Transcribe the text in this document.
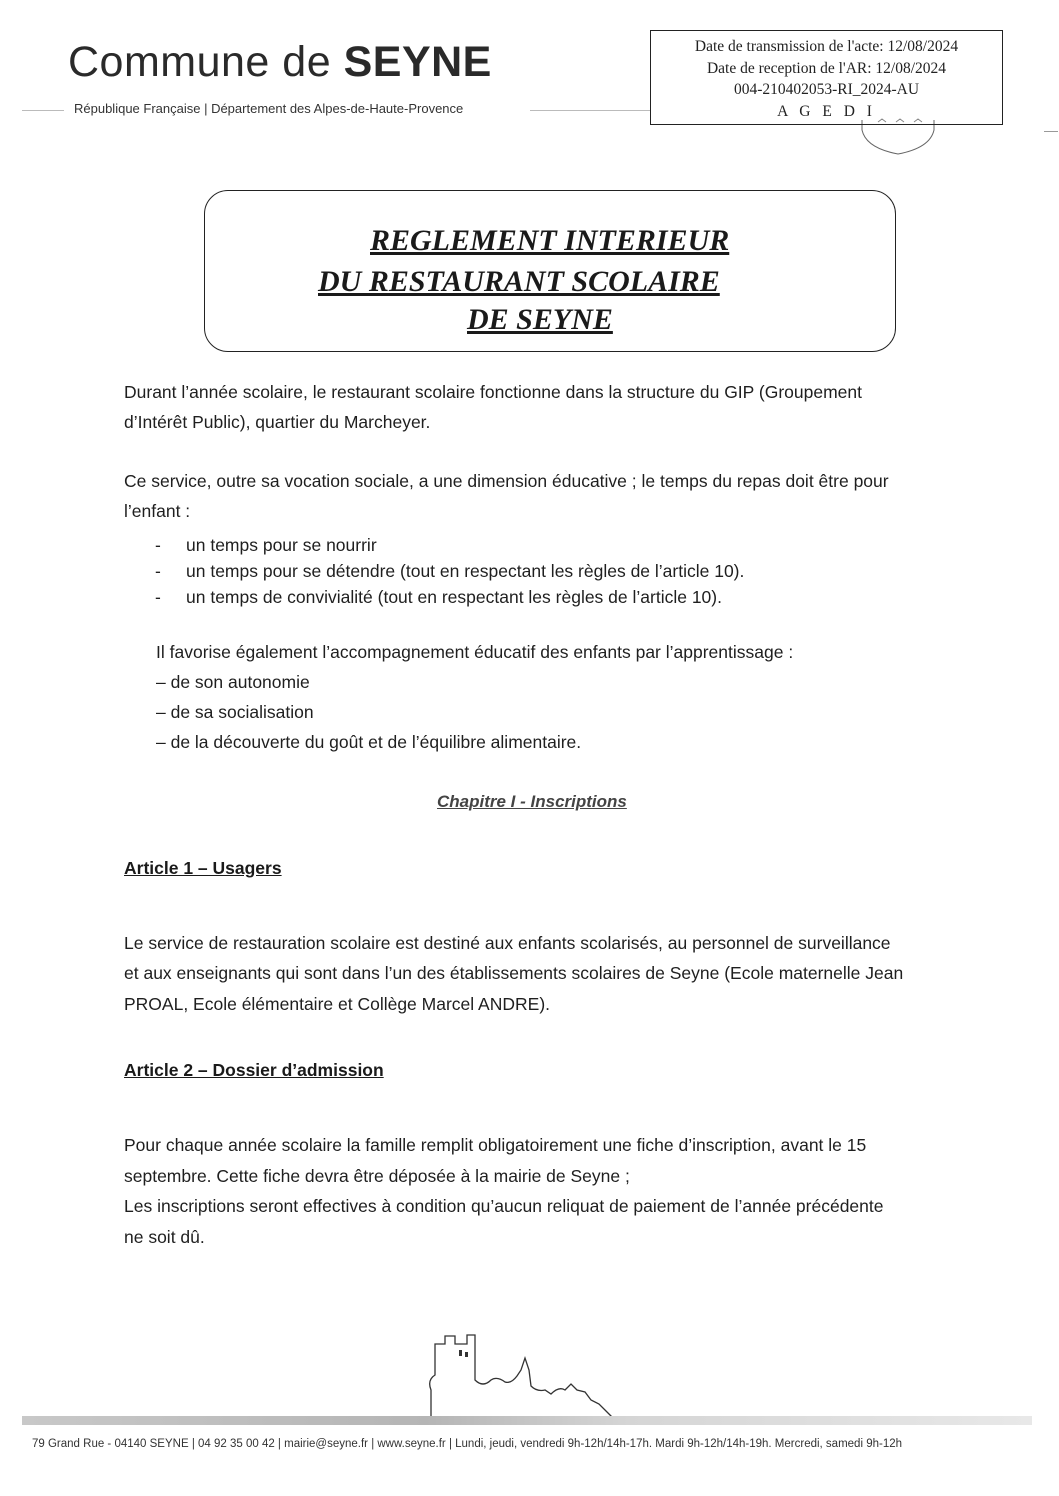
Commune de SEYNE
République Française | Département des Alpes-de-Haute-Provence
Date de transmission de l'acte: 12/08/2024
Date de reception de l'AR: 12/08/2024
004-210402053-RI_2024-AU
A G E D I
REGLEMENT INTERIEUR
DU RESTAURANT SCOLAIRE
DE SEYNE
Durant l’année scolaire, le restaurant scolaire fonctionne dans la structure du GIP (Groupement
d’Intérêt Public), quartier du Marcheyer.
Ce service, outre sa vocation sociale, a une dimension éducative ; le temps du repas doit être pour
l’enfant :
- un temps pour se nourrir
- un temps pour se détendre (tout en respectant les règles de l’article 10).
- un temps de convivialité (tout en respectant les règles de l’article 10).
Il favorise également l’accompagnement éducatif des enfants par l’apprentissage :
– de son autonomie
– de sa socialisation
– de la découverte du goût et de l’équilibre alimentaire.
Chapitre I - Inscriptions
Article 1 – Usagers
Le service de restauration scolaire est destiné aux enfants scolarisés, au personnel de surveillance
et aux enseignants qui sont dans l’un des établissements scolaires de Seyne (Ecole maternelle Jean
PROAL, Ecole élémentaire et Collège Marcel ANDRE).
Article 2 – Dossier d’admission
Pour chaque année scolaire la famille remplit obligatoirement une fiche d’inscription, avant le 15
septembre. Cette fiche devra être déposée à la mairie de Seyne ;
Les inscriptions seront effectives à condition qu’aucun reliquat de paiement de l’année précédente
ne soit dû.
79 Grand Rue - 04140 SEYNE | 04 92 35 00 42 | mairie@seyne.fr | www.seyne.fr | Lundi, jeudi, vendredi 9h-12h/14h-17h. Mardi 9h-12h/14h-19h. Mercredi, samedi 9h-12h
